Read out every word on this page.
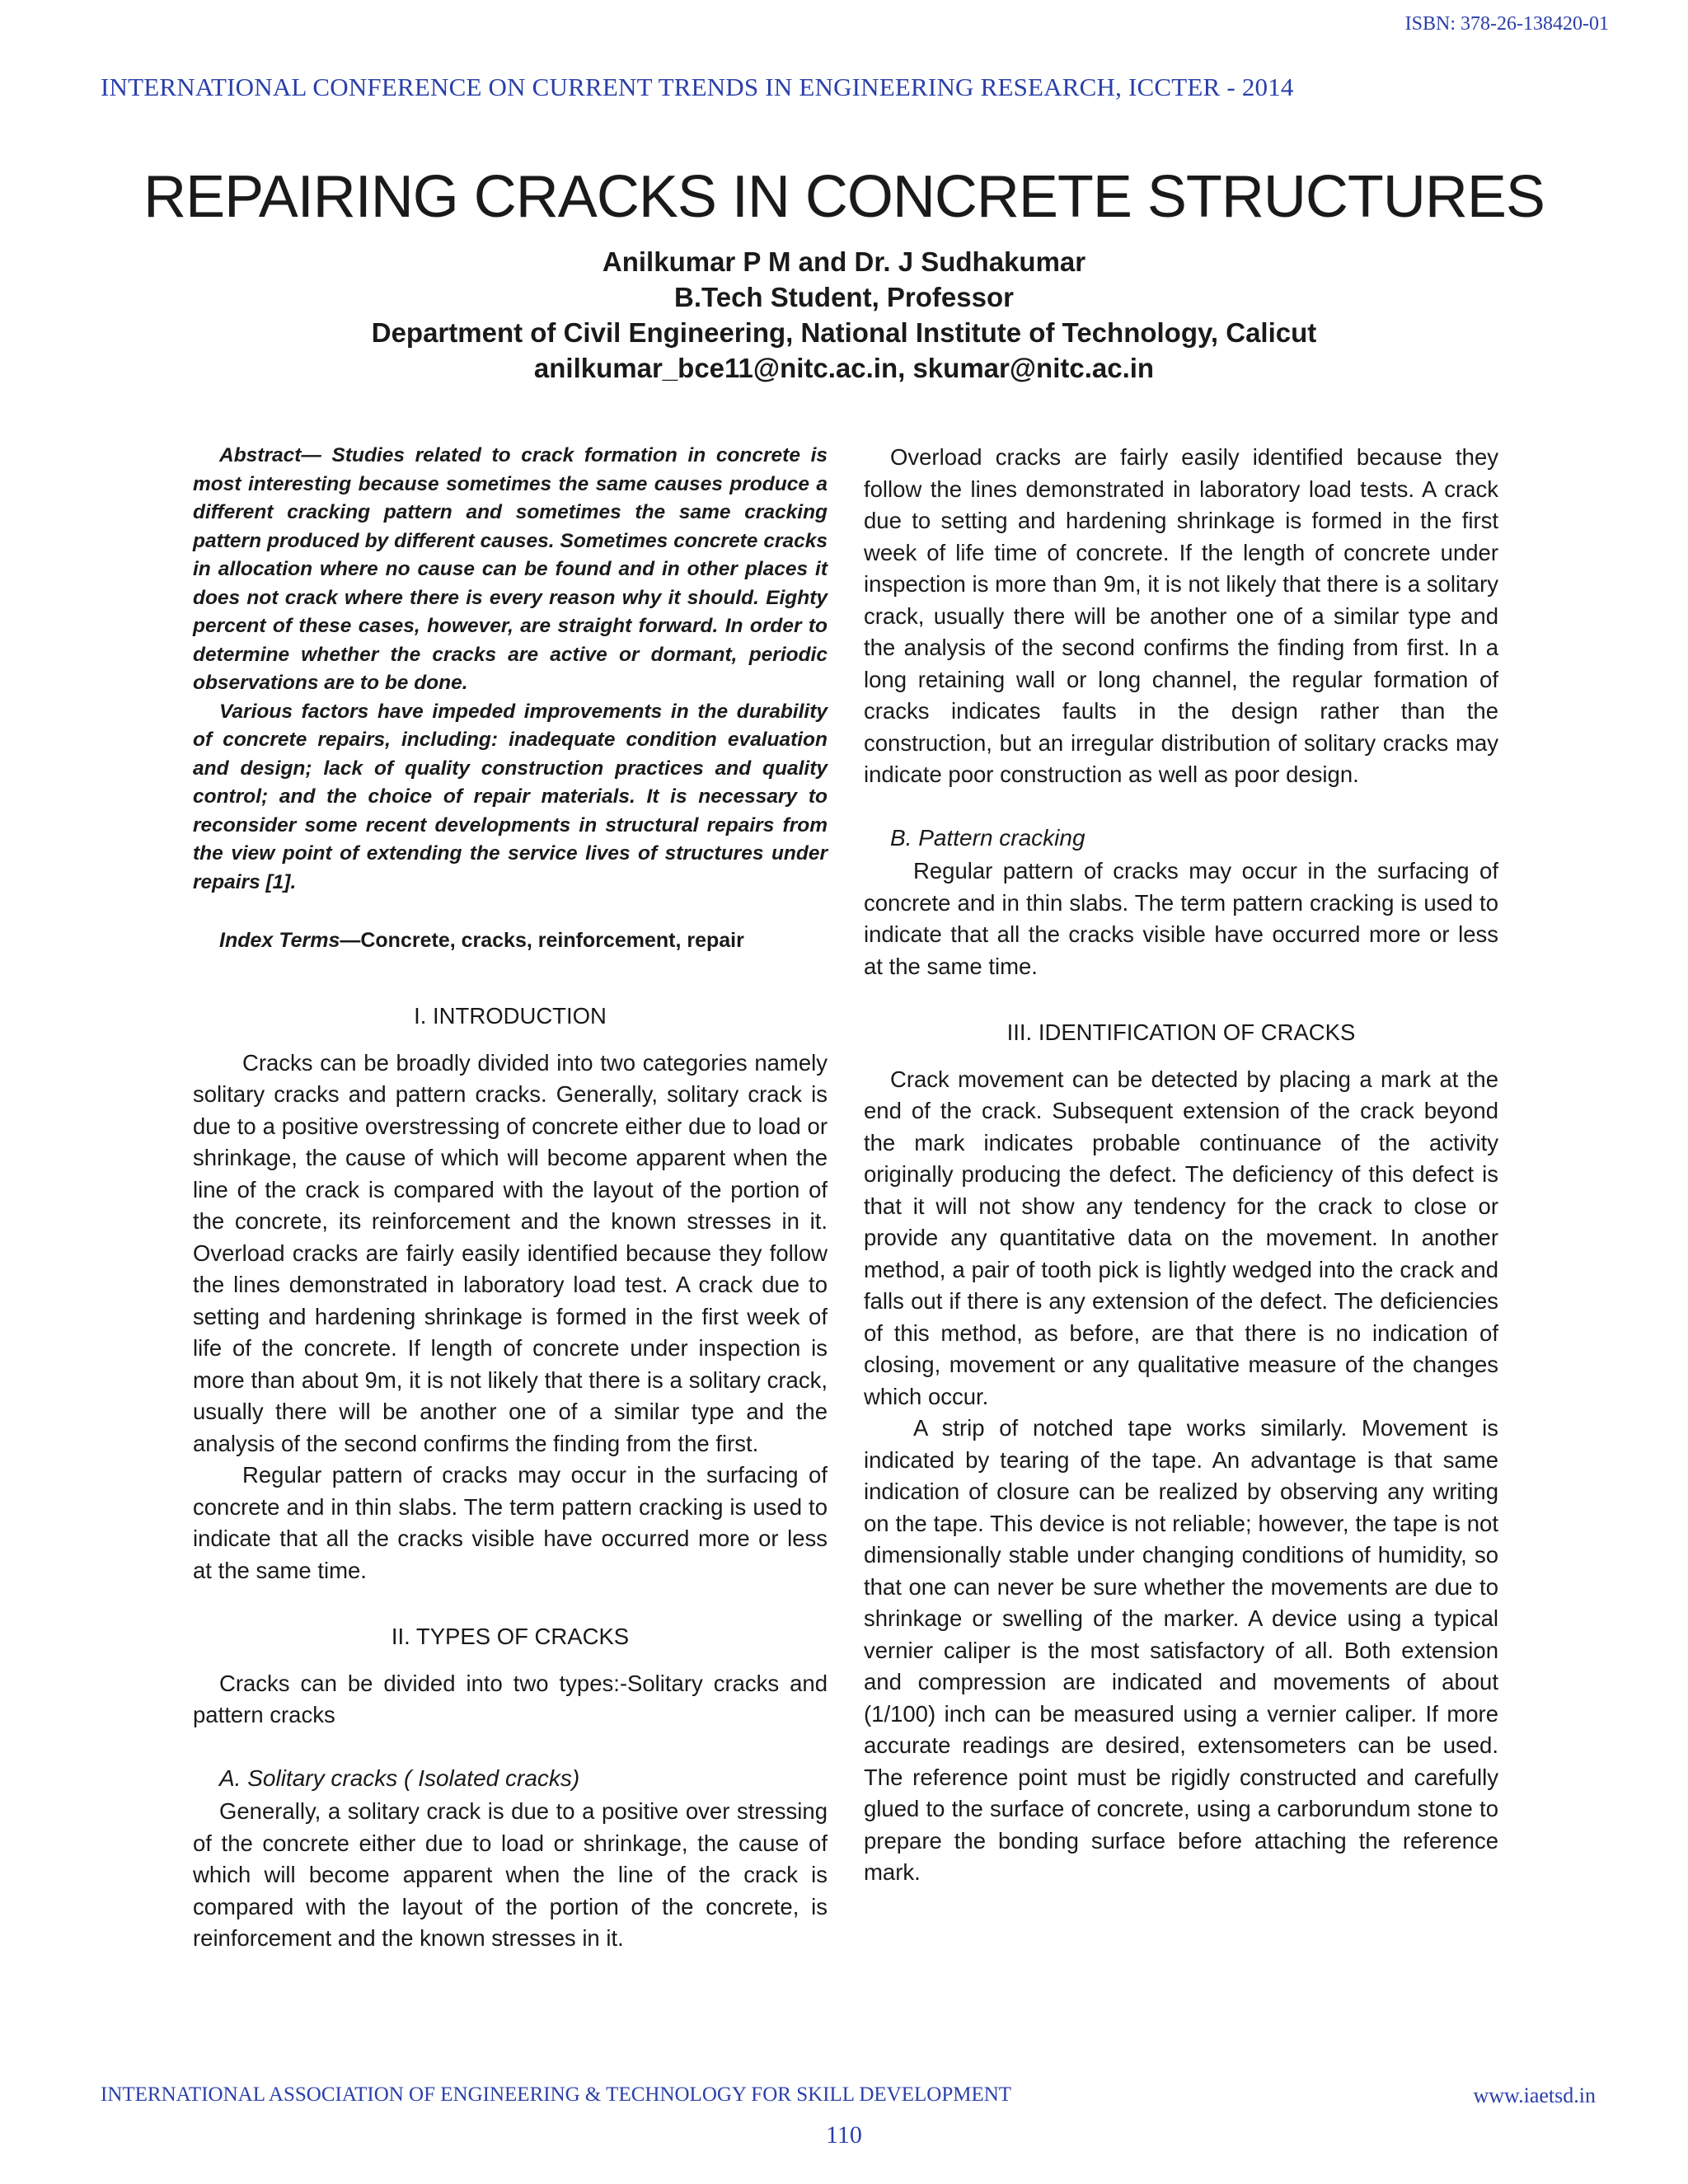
ISBN: 378-26-138420-01
INTERNATIONAL CONFERENCE ON CURRENT TRENDS IN ENGINEERING RESEARCH, ICCTER - 2014
REPAIRING CRACKS IN CONCRETE STRUCTURES
Anilkumar P M and Dr. J Sudhakumar
B.Tech Student, Professor
Department of Civil Engineering, National Institute of Technology, Calicut
anilkumar_bce11@nitc.ac.in, skumar@nitc.ac.in

Abstract— Studies related to crack formation in concrete is most interesting because sometimes the same causes produce a different cracking pattern and sometimes the same cracking pattern produced by different causes. Sometimes concrete cracks in allocation where no cause can be found and in other places it does not crack where there is every reason why it should. Eighty percent of these cases, however, are straight forward. In order to determine whether the cracks are active or dormant, periodic observations are to be done.

Various factors have impeded improvements in the durability of concrete repairs, including: inadequate condition evaluation and design; lack of quality construction practices and quality control; and the choice of repair materials. It is necessary to reconsider some recent developments in structural repairs from the view point of extending the service lives of structures under repairs [1].

Index Terms—Concrete, cracks, reinforcement, repair
I. INTRODUCTION

Cracks can be broadly divided into two categories namely solitary cracks and pattern cracks. Generally, solitary crack is due to a positive overstressing of concrete either due to load or shrinkage, the cause of which will become apparent when the line of the crack is compared with the layout of the portion of the concrete, its reinforcement and the known stresses in it. Overload cracks are fairly easily identified because they follow the lines demonstrated in laboratory load test. A crack due to setting and hardening shrinkage is formed in the first week of life of the concrete. If length of concrete under inspection is more than about 9m, it is not likely that there is a solitary crack, usually there will be another one of a similar type and the analysis of the second confirms the finding from the first.

Regular pattern of cracks may occur in the surfacing of concrete and in thin slabs. The term pattern cracking is used to indicate that all the cracks visible have occurred more or less at the same time.

II. TYPES OF CRACKS

Cracks can be divided into two types:-Solitary cracks and pattern cracks

A. Solitary cracks ( Isolated cracks)

Generally, a solitary crack is due to a positive over stressing of the concrete either due to load or shrinkage, the cause of which will become apparent when the line of the crack is compared with the layout of the portion of the concrete, is reinforcement and the known stresses in it.

Overload cracks are fairly easily identified because they follow the lines demonstrated in laboratory load tests. A crack due to setting and hardening shrinkage is formed in the first week of life time of concrete. If the length of concrete under inspection is more than 9m, it is not likely that there is a solitary crack, usually there will be another one of a similar type and the analysis of the second confirms the finding from first. In a long retaining wall or long channel, the regular formation of cracks indicates faults in the design rather than the construction, but an irregular distribution of solitary cracks may indicate poor construction as well as poor design.

B. Pattern cracking

Regular pattern of cracks may occur in the surfacing of concrete and in thin slabs. The term pattern cracking is used to indicate that all the cracks visible have occurred more or less at the same time.

III. IDENTIFICATION OF CRACKS

Crack movement can be detected by placing a mark at the end of the crack. Subsequent extension of the crack beyond the mark indicates probable continuance of the activity originally producing the defect. The deficiency of this defect is that it will not show any tendency for the crack to close or provide any quantitative data on the movement. In another method, a pair of tooth pick is lightly wedged into the crack and falls out if there is any extension of the defect. The deficiencies of this method, as before, are that there is no indication of closing, movement or any qualitative measure of the changes which occur.

A strip of notched tape works similarly. Movement is indicated by tearing of the tape. An advantage is that same indication of closure can be realized by observing any writing on the tape. This device is not reliable; however, the tape is not dimensionally stable under changing conditions of humidity, so that one can never be sure whether the movements are due to shrinkage or swelling of the marker. A device using a typical vernier caliper is the most satisfactory of all. Both extension and compression are indicated and movements of about (1/100) inch can be measured using a vernier caliper. If more accurate readings are desired, extensometers can be used. The reference point must be rigidly constructed and carefully glued to the surface of concrete, using a carborundum stone to prepare the bonding surface before attaching the reference mark.

INTERNATIONAL ASSOCIATION OF ENGINEERING & TECHNOLOGY FOR SKILL DEVELOPMENT	www.iaetsd.in
110
